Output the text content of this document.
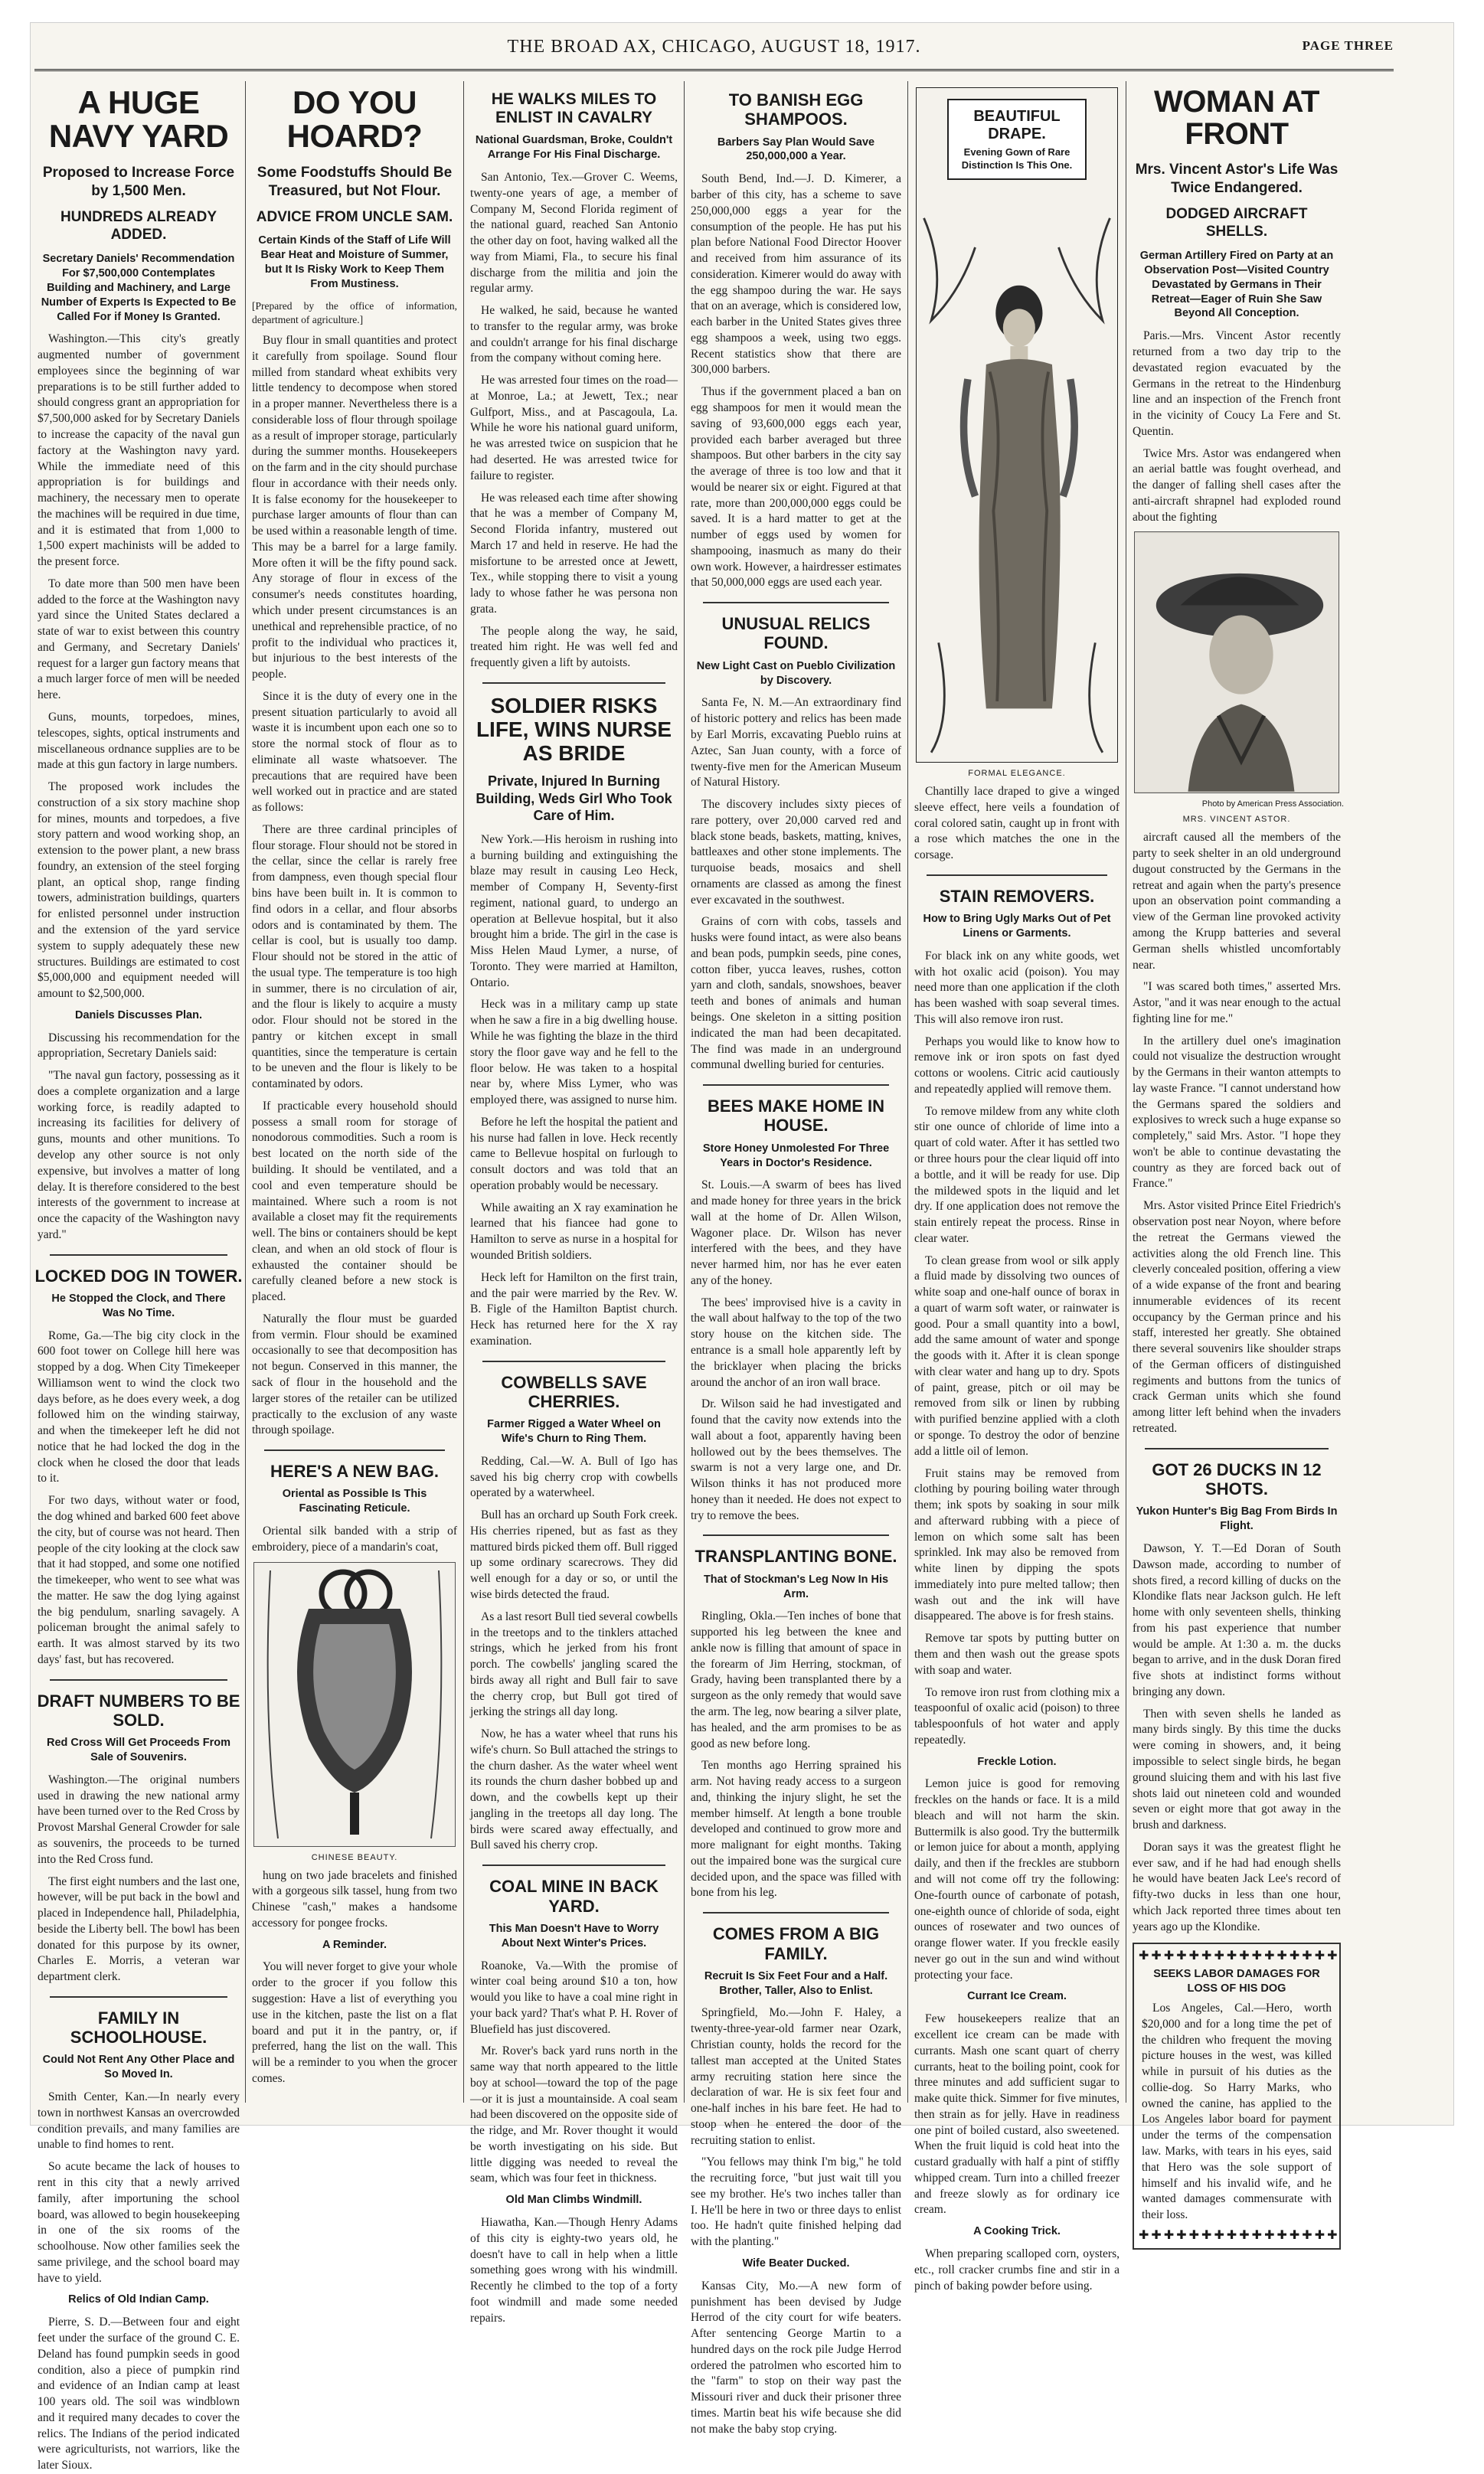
THE BROAD AX, CHICAGO, AUGUST 18, 1917.	PAGE THREE
A HUGE NAVY YARD
Proposed to Increase Force by 1,500 Men.
HUNDREDS ALREADY ADDED.
Secretary Daniels' Recommendation For $7,500,000 Contemplates Building and Machinery, and Large Number of Experts Is Expected to Be Called For if Money Is Granted.

Washington.—This city's greatly augmented number of government employees since the beginning of war preparations is to be still further added to should congress grant an appropriation for $7,500,000 asked for by Secretary Daniels to increase the capacity of the naval gun factory at the Washington navy yard. While the immediate need of this appropriation is for buildings and machinery, the necessary men to operate the machines will be required in due time, and it is estimated that from 1,000 to 1,500 expert machinists will be added to the present force.

To date more than 500 men have been added to the force at the Washington navy yard since the United States declared a state of war to exist between this country and Germany, and Secretary Daniels' request for a larger gun factory means that a much larger force of men will be needed here.

Guns, mounts, torpedoes, mines, telescopes, sights, optical instruments and miscellaneous ordnance supplies are to be made at this gun factory in large numbers.

The proposed work includes the construction of a six story machine shop for mines, mounts and torpedoes, a five story pattern and wood working shop, an extension to the power plant, a new brass foundry, an extension of the steel forging plant, an optical shop, range finding towers, administration buildings, quarters for enlisted personnel under instruction and the extension of the yard service system to supply adequately these new structures. Buildings are estimated to cost $5,000,000 and equipment needed will amount to $2,500,000.

Daniels Discusses Plan.

Discussing his recommendation for the appropriation, Secretary Daniels said:

"The naval gun factory, possessing as it does a complete organization and a large working force, is readily adapted to increasing its facilities for delivery of guns, mounts and other munitions. To develop any other source is not only expensive, but involves a matter of long delay. It is therefore considered to the best interests of the government to increase at once the capacity of the Washington navy yard."

LOCKED DOG IN TOWER.
He Stopped the Clock, and There Was No Time.

Rome, Ga.—The big city clock in the 600 foot tower on College hill here was stopped by a dog. When City Timekeeper Williamson went to wind the clock two days before, as he does every week, a dog followed him on the winding stairway, and when the timekeeper left he did not notice that he had locked the dog in the clock when he closed the door that leads to it.

For two days, without water or food, the dog whined and barked 600 feet above the city, but of course was not heard. Then people of the city looking at the clock saw that it had stopped, and some one notified the timekeeper, who went to see what was the matter. He saw the dog lying against the big pendulum, snarling savagely. A policeman brought the animal safely to earth. It was almost starved by its two days' fast, but has recovered.

DRAFT NUMBERS TO BE SOLD.
Red Cross Will Get Proceeds From Sale of Souvenirs.

Washington.—The original numbers used in drawing the new national army have been turned over to the Red Cross by Provost Marshal General Crowder for sale as souvenirs, the proceeds to be turned into the Red Cross fund.

The first eight numbers and the last one, however, will be put back in the bowl and placed in Independence hall, Philadelphia, beside the Liberty bell. The bowl has been donated for this purpose by its owner, Charles E. Morris, a veteran war department clerk.

FAMILY IN SCHOOLHOUSE.
Could Not Rent Any Other Place and So Moved In.

Smith Center, Kan.—In nearly every town in northwest Kansas an overcrowded condition prevails, and many families are unable to find homes to rent.

So acute became the lack of houses to rent in this city that a newly arrived family, after importuning the school board, was allowed to begin housekeeping in one of the six rooms of the schoolhouse. Now other families seek the same privilege, and the school board may have to yield.

Relics of Old Indian Camp.

Pierre, S. D.—Between four and eight feet under the surface of the ground C. E. Deland has found pumpkin seeds in good condition, also a piece of pumpkin rind and evidence of an Indian camp at least 100 years old. The soil was windblown and it required many decades to cover the relics. The Indians of the period indicated were agriculturists, not warriors, like the later Sioux.

DO YOU HOARD?
Some Foodstuffs Should Be Treasured, but Not Flour.
ADVICE FROM UNCLE SAM.
Certain Kinds of the Staff of Life Will Bear Heat and Moisture of Summer, but It Is Risky Work to Keep Them From Mustiness.

[Prepared by the office of information, department of agriculture.]

Buy flour in small quantities and protect it carefully from spoilage. Sound flour milled from standard wheat exhibits very little tendency to decompose when stored in a proper manner. Nevertheless there is a considerable loss of flour through spoilage as a result of improper storage, particularly during the summer months. Housekeepers on the farm and in the city should purchase flour in accordance with their needs only. It is false economy for the housekeeper to purchase larger amounts of flour than can be used within a reasonable length of time. This may be a barrel for a large family. More often it will be the fifty pound sack. Any storage of flour in excess of the consumer's needs constitutes hoarding, which under present circumstances is an unethical and reprehensible practice, of no profit to the individual who practices it, but injurious to the best interests of the people.

Since it is the duty of every one in the present situation particularly to avoid all waste it is incumbent upon each one so to store the normal stock of flour as to eliminate all waste whatsoever. The precautions that are required have been well worked out in practice and are stated as follows:

There are three cardinal principles of flour storage. Flour should not be stored in the cellar, since the cellar is rarely free from dampness, even though special flour bins have been built in. It is common to find odors in a cellar, and flour absorbs odors and is contaminated by them. The cellar is cool, but is usually too damp. Flour should not be stored in the attic of the usual type. The temperature is too high in summer, there is no circulation of air, and the flour is likely to acquire a musty odor. Flour should not be stored in the pantry or kitchen except in small quantities, since the temperature is certain to be uneven and the flour is likely to be contaminated by odors.

If practicable every household should possess a small room for storage of nonodorous commodities. Such a room is best located on the north side of the building. It should be ventilated, and a cool and even temperature should be maintained. Where such a room is not available a closet may fit the requirements well. The bins or containers should be kept clean, and when an old stock of flour is exhausted the container should be carefully cleaned before a new stock is placed.

Naturally the flour must be guarded from vermin. Flour should be examined occasionally to see that decomposition has not begun. Conserved in this manner, the sack of flour in the household and the larger stores of the retailer can be utilized practically to the exclusion of any waste through spoilage.

HERE'S A NEW BAG.
Oriental as Possible Is This Fascinating Reticule.

Oriental silk banded with a strip of embroidery, piece of a mandarin's coat,

CHINESE BEAUTY.

hung on two jade bracelets and finished with a gorgeous silk tassel, hung from two Chinese "cash," makes a handsome accessory for pongee frocks.

A Reminder.

You will never forget to give your whole order to the grocer if you follow this suggestion: Have a list of everything you use in the kitchen, paste the list on a flat board and put it in the pantry, or, if preferred, hang the list on the wall. This will be a reminder to you when the grocer comes.

HE WALKS MILES TO ENLIST IN CAVALRY
National Guardsman, Broke, Couldn't Arrange For His Final Discharge.

San Antonio, Tex.—Grover C. Weems, twenty-one years of age, a member of Company M, Second Florida regiment of the national guard, reached San Antonio the other day on foot, having walked all the way from Miami, Fla., to secure his final discharge from the militia and join the regular army.

He walked, he said, because he wanted to transfer to the regular army, was broke and couldn't arrange for his final discharge from the company without coming here.

He was arrested four times on the road—at Monroe, La.; at Jewett, Tex.; near Gulfport, Miss., and at Pascagoula, La. While he wore his national guard uniform, he was arrested twice on suspicion that he had deserted. He was arrested twice for failure to register.

He was released each time after showing that he was a member of Company M, Second Florida infantry, mustered out March 17 and held in reserve. He had the misfortune to be arrested once at Jewett, Tex., while stopping there to visit a young lady to whose father he was persona non grata.

The people along the way, he said, treated him right. He was well fed and frequently given a lift by autoists.

SOLDIER RISKS LIFE, WINS NURSE AS BRIDE
Private, Injured In Burning Building, Weds Girl Who Took Care of Him.

New York.—His heroism in rushing into a burning building and extinguishing the blaze may result in causing Leo Heck, member of Company H, Seventy-first regiment, national guard, to undergo an operation at Bellevue hospital, but it also brought him a bride. The girl in the case is Miss Helen Maud Lymer, a nurse, of Toronto. They were married at Hamilton, Ontario.

Heck was in a military camp up state when he saw a fire in a big dwelling house. While he was fighting the blaze in the third story the floor gave way and he fell to the floor below. He was taken to a hospital near by, where Miss Lymer, who was employed there, was assigned to nurse him.

Before he left the hospital the patient and his nurse had fallen in love. Heck recently came to Bellevue hospital on furlough to consult doctors and was told that an operation probably would be necessary.

While awaiting an X ray examination he learned that his fiancee had gone to Hamilton to serve as nurse in a hospital for wounded British soldiers.

Heck left for Hamilton on the first train, and the pair were married by the Rev. W. B. Figle of the Hamilton Baptist church. Heck has returned here for the X ray examination.

COWBELLS SAVE CHERRIES.
Farmer Rigged a Water Wheel on Wife's Churn to Ring Them.

Redding, Cal.—W. A. Bull of Igo has saved his big cherry crop with cowbells operated by a waterwheel.

Bull has an orchard up South Fork creek. His cherries ripened, but as fast as they mattured birds picked them off. Bull rigged up some ordinary scarecrows. They did well enough for a day or so, or until the wise birds detected the fraud.

As a last resort Bull tied several cowbells in the treetops and to the tinklers attached strings, which he jerked from his front porch. The cowbells' jangling scared the birds away all right and Bull fair to save the cherry crop, but Bull got tired of jerking the strings all day long.

Now, he has a water wheel that runs his wife's churn. So Bull attached the strings to the churn dasher. As the water wheel went its rounds the churn dasher bobbed up and down, and the cowbells kept up their jangling in the treetops all day long. The birds were scared away effectually, and Bull saved his cherry crop.

COAL MINE IN BACK YARD.
This Man Doesn't Have to Worry About Next Winter's Prices.

Roanoke, Va.—With the promise of winter coal being around $10 a ton, how would you like to have a coal mine right in your back yard? That's what P. H. Rover of Bluefield has just discovered.

Mr. Rover's back yard runs north in the same way that north appeared to the little boy at school—toward the top of the page—or it is just a mountainside. A coal seam had been discovered on the opposite side of the ridge, and Mr. Rover thought it would be worth investigating on his side. But little digging was needed to reveal the seam, which was four feet in thickness.

Old Man Climbs Windmill.

Hiawatha, Kan.—Though Henry Adams of this city is eighty-two years old, he doesn't have to call in help when a little something goes wrong with his windmill. Recently he climbed to the top of a forty foot windmill and made some needed repairs.

TO BANISH EGG SHAMPOOS.
Barbers Say Plan Would Save 250,000,000 a Year.

South Bend, Ind.—J. D. Kimerer, a barber of this city, has a scheme to save 250,000,000 eggs a year for the consumption of the people. He has put his plan before National Food Director Hoover and received from him assurance of its consideration. Kimerer would do away with the egg shampoo during the war. He says that on an average, which is considered low, each barber in the United States gives three egg shampoos a week, using two eggs. Recent statistics show that there are 300,000 barbers.

Thus if the government placed a ban on egg shampoos for men it would mean the saving of 93,600,000 eggs each year, provided each barber averaged but three shampoos. But other barbers in the city say the average of three is too low and that it would be nearer six or eight. Figured at that rate, more than 200,000,000 eggs could be saved. It is a hard matter to get at the number of eggs used by women for shampooing, inasmuch as many do their own work. However, a hairdresser estimates that 50,000,000 eggs are used each year.

UNUSUAL RELICS FOUND.
New Light Cast on Pueblo Civilization by Discovery.

Santa Fe, N. M.—An extraordinary find of historic pottery and relics has been made by Earl Morris, excavating Pueblo ruins at Aztec, San Juan county, with a force of twenty-five men for the American Museum of Natural History.

The discovery includes sixty pieces of rare pottery, over 20,000 carved red and black stone beads, baskets, matting, knives, battleaxes and other stone implements. The turquoise beads, mosaics and shell ornaments are classed as among the finest ever excavated in the southwest.

Grains of corn with cobs, tassels and husks were found intact, as were also beans and bean pods, pumpkin seeds, pine cones, cotton fiber, yucca leaves, rushes, cotton yarn and cloth, sandals, snowshoes, beaver teeth and bones of animals and human beings. One skeleton in a sitting position indicated the man had been decapitated. The find was made in an underground communal dwelling buried for centuries.

BEES MAKE HOME IN HOUSE.
Store Honey Unmolested For Three Years in Doctor's Residence.

St. Louis.—A swarm of bees has lived and made honey for three years in the brick wall at the home of Dr. Allen Wilson, Wagoner place. Dr. Wilson has never interfered with the bees, and they have never harmed him, nor has he ever eaten any of the honey.

The bees' improvised hive is a cavity in the wall about halfway to the top of the two story house on the kitchen side. The entrance is a small hole apparently left by the bricklayer when placing the bricks around the anchor of an iron wall brace.

Dr. Wilson said he had investigated and found that the cavity now extends into the wall about a foot, apparently having been hollowed out by the bees themselves. The swarm is not a very large one, and Dr. Wilson thinks it has not produced more honey than it needed. He does not expect to try to remove the bees.

TRANSPLANTING BONE.
That of Stockman's Leg Now In His Arm.

Ringling, Okla.—Ten inches of bone that supported his leg between the knee and ankle now is filling that amount of space in the forearm of Jim Herring, stockman, of Grady, having been transplanted there by a surgeon as the only remedy that would save the arm. The leg, now bearing a silver plate, has healed, and the arm promises to be as good as new before long.

Ten months ago Herring sprained his arm. Not having ready access to a surgeon and, thinking the injury slight, he set the member himself. At length a bone trouble developed and continued to grow more and more malignant for eight months. Taking out the impaired bone was the surgical cure decided upon, and the space was filled with bone from his leg.

COMES FROM A BIG FAMILY.
Recruit Is Six Feet Four and a Half. Brother, Taller, Also to Enlist.

Springfield, Mo.—John F. Haley, a twenty-three-year-old farmer near Ozark, Christian county, holds the record for the tallest man accepted at the United States army recruiting station here since the declaration of war. He is six feet four and one-half inches in his bare feet. He had to stoop when he entered the door of the recruiting station to enlist.

"You fellows may think I'm big," he told the recruiting force, "but just wait till you see my brother. He's two inches taller than I. He'll be here in two or three days to enlist too. He hadn't quite finished helping dad with the planting."

Wife Beater Ducked.

Kansas City, Mo.—A new form of punishment has been devised by Judge Herrod of the city court for wife beaters. After sentencing George Martin to a hundred days on the rock pile Judge Herrod ordered the patrolmen who escorted him to the "farm" to stop on their way past the Missouri river and duck their prisoner three times. Martin beat his wife because she did not make the baby stop crying.

BEAUTIFUL DRAPE.
Evening Gown of Rare Distinction Is This One.
FORMAL ELEGANCE.

Chantilly lace draped to give a winged sleeve effect, here veils a foundation of coral colored satin, caught up in front with a rose which matches the one in the corsage.

STAIN REMOVERS.
How to Bring Ugly Marks Out of Pet Linens or Garments.

For black ink on any white goods, wet with hot oxalic acid (poison). You may need more than one application if the cloth has been washed with soap several times. This will also remove iron rust.

Perhaps you would like to know how to remove ink or iron spots on fast dyed cottons or woolens. Citric acid cautiously and repeatedly applied will remove them.

To remove mildew from any white cloth stir one ounce of chloride of lime into a quart of cold water. After it has settled two or three hours pour the clear liquid off into a bottle, and it will be ready for use. Dip the mildewed spots in the liquid and let dry. If one application does not remove the stain entirely repeat the process. Rinse in clear water.

To clean grease from wool or silk apply a fluid made by dissolving two ounces of white soap and one-half ounce of borax in a quart of warm soft water, or rainwater is good. Pour a small quantity into a bowl, add the same amount of water and sponge the goods with it. After it is clean sponge with clear water and hang up to dry. Spots of paint, grease, pitch or oil may be removed from silk or linen by rubbing with purified benzine applied with a cloth or sponge. To destroy the odor of benzine add a little oil of lemon.

Fruit stains may be removed from clothing by pouring boiling water through them; ink spots by soaking in sour milk and afterward rubbing with a piece of lemon on which some salt has been sprinkled. Ink may also be removed from white linen by dipping the spots immediately into pure melted tallow; then wash out and the ink will have disappeared. The above is for fresh stains.

Remove tar spots by putting butter on them and then wash out the grease spots with soap and water.

To remove iron rust from clothing mix a teaspoonful of oxalic acid (poison) to three tablespoonfuls of hot water and apply repeatedly.

Freckle Lotion.

Lemon juice is good for removing freckles on the hands or face. It is a mild bleach and will not harm the skin. Buttermilk is also good. Try the buttermilk or lemon juice for about a month, applying daily, and then if the freckles are stubborn and will not come off try the following: One-fourth ounce of carbonate of potash, one-eighth ounce of chloride of soda, eight ounces of rosewater and two ounces of orange flower water. If you freckle easily never go out in the sun and wind without protecting your face.

Currant Ice Cream.

Few housekeepers realize that an excellent ice cream can be made with currants. Mash one scant quart of cherry currants, heat to the boiling point, cook for three minutes and add sufficient sugar to make quite thick. Simmer for five minutes, then strain as for jelly. Have in readiness one pint of boiled custard, also sweetened. When the fruit liquid is cold heat into the custard gradually with half a pint of stiffly whipped cream. Turn into a chilled freezer and freeze slowly as for ordinary ice cream.

A Cooking Trick.

When preparing scalloped corn, oysters, etc., roll cracker crumbs fine and stir in a pinch of baking powder before using.

WOMAN AT FRONT
Mrs. Vincent Astor's Life Was Twice Endangered.
DODGED AIRCRAFT SHELLS.
German Artillery Fired on Party at an Observation Post—Visited Country Devastated by Germans in Their Retreat—Eager of Ruin She Saw Beyond All Conception.

Paris.—Mrs. Vincent Astor recently returned from a two day trip to the devastated region evacuated by the Germans in the retreat to the Hindenburg line and an inspection of the French front in the vicinity of Coucy La Fere and St. Quentin.

Twice Mrs. Astor was endangered when an aerial battle was fought overhead, and the danger of falling shell cases after the anti-aircraft shrapnel had exploded round about the fighting

Photo by American Press Association.
MRS. VINCENT ASTOR.

aircraft caused all the members of the party to seek shelter in an old underground dugout constructed by the Germans in the retreat and again when the party's presence upon an observation point commanding a view of the German line provoked activity among the Krupp batteries and several German shells whistled uncomfortably near.

"I was scared both times," asserted Mrs. Astor, "and it was near enough to the actual fighting line for me."

In the artillery duel one's imagination could not visualize the destruction wrought by the Germans in their wanton attempts to lay waste France. "I cannot understand how the Germans spared the soldiers and explosives to wreck such a huge expanse so completely," said Mrs. Astor. "I hope they won't be able to continue devastating the country as they are forced back out of France."

Mrs. Astor visited Prince Eitel Friedrich's observation post near Noyon, where before the retreat the Germans viewed the activities along the old French line. This cleverly concealed position, offering a view of a wide expanse of the front and bearing innumerable evidences of its recent occupancy by the German prince and his staff, interested her greatly. She obtained there several souvenirs like shoulder straps of the German officers of distinguished regiments and buttons from the tunics of crack German units which she found among litter left behind when the invaders retreated.

GOT 26 DUCKS IN 12 SHOTS.
Yukon Hunter's Big Bag From Birds In Flight.

Dawson, Y. T.—Ed Doran of South Dawson made, according to number of shots fired, a record killing of ducks on the Klondike flats near Jackson gulch. He left home with only seventeen shells, thinking from his past experience that number would be ample. At 1:30 a. m. the ducks began to arrive, and in the dusk Doran fired five shots at indistinct forms without bringing any down.

Then with seven shells he landed as many birds singly. By this time the ducks were coming in showers, and, it being impossible to select single birds, he began ground sluicing them and with his last five shots laid out nineteen cold and wounded seven or eight more that got away in the brush and darkness.

Doran says it was the greatest flight he ever saw, and if he had had enough shells he would have beaten Jack Lee's record of fifty-two ducks in less than one hour, which Jack reported three times about ten years ago up the Klondike.

✚✚✚✚✚✚✚✚✚✚✚✚✚✚✚✚
SEEKS LABOR DAMAGES FOR LOSS OF HIS DOG

Los Angeles, Cal.—Hero, worth $20,000 and for a long time the pet of the children who frequent the moving picture houses in the west, was killed while in pursuit of his duties as the collie-dog. So Harry Marks, who owned the canine, has applied to the Los Angeles labor board for payment under the terms of the compensation law. Marks, with tears in his eyes, said that Hero was the sole support of himself and his invalid wife, and he wanted damages commensurate with their loss.

✚✚✚✚✚✚✚✚✚✚✚✚✚✚✚✚
